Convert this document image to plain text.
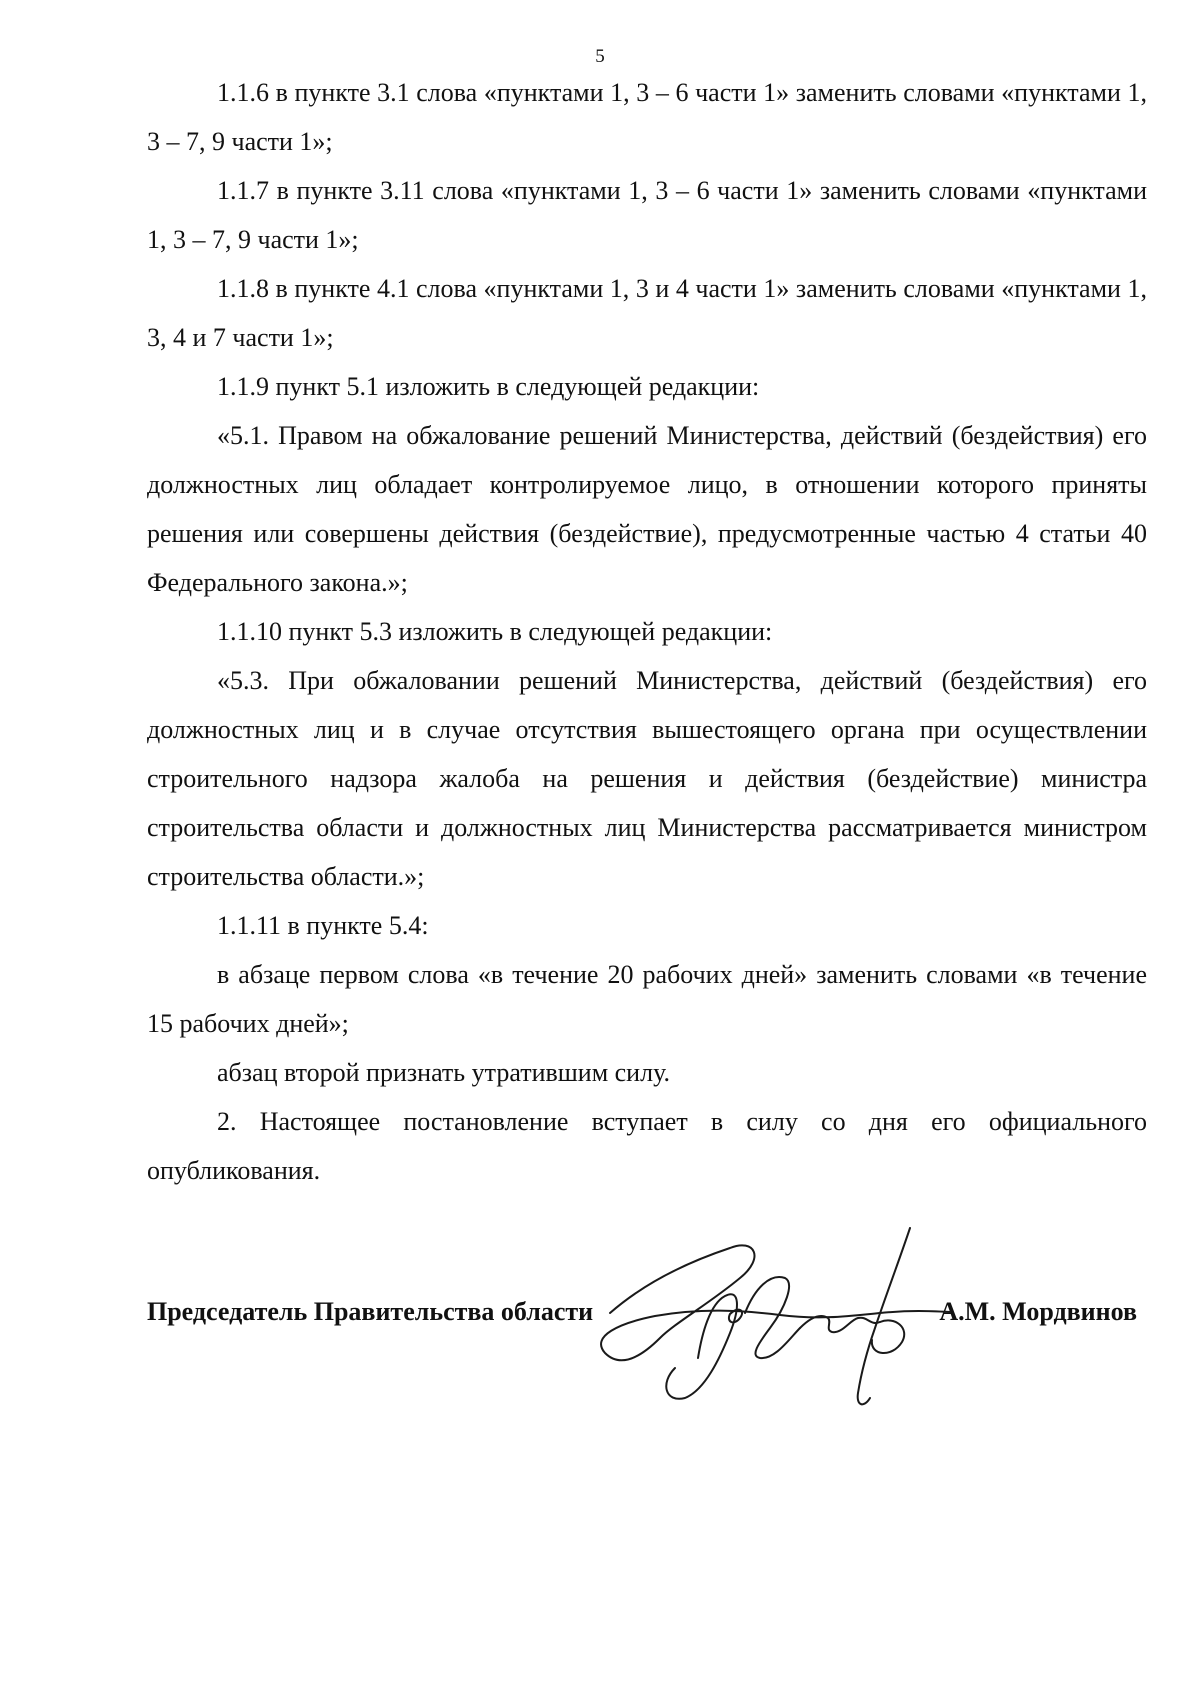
5

1.1.6 в пункте 3.1 слова «пунктами 1, 3 – 6 части 1» заменить словами «пунктами 1, 3 – 7, 9 части 1»;

1.1.7 в пункте 3.11 слова «пунктами 1, 3 – 6 части 1» заменить словами «пунктами 1, 3 – 7, 9 части 1»;

1.1.8 в пункте 4.1 слова «пунктами 1, 3 и 4 части 1» заменить словами «пунктами 1, 3, 4 и 7 части 1»;

1.1.9 пункт 5.1 изложить в следующей редакции:

«5.1. Правом на обжалование решений Министерства, действий (бездействия) его должностных лиц обладает контролируемое лицо, в отношении которого приняты решения или совершены действия (бездействие), предусмотренные частью 4 статьи 40 Федерального закона.»;

1.1.10 пункт 5.3 изложить в следующей редакции:

«5.3. При обжаловании решений Министерства, действий (бездействия) его должностных лиц и в случае отсутствия вышестоящего органа при осуществлении строительного надзора жалоба на решения и действия (бездействие) министра строительства области и должностных лиц Министерства рассматривается министром строительства области.»;

1.1.11 в пункте 5.4:

в абзаце первом слова «в течение 20 рабочих дней» заменить словами «в течение 15 рабочих дней»;

абзац второй признать утратившим силу.

2. Настоящее постановление вступает в силу со дня его официального опубликования.

Председатель Правительства области	А.М. Мордвинов
